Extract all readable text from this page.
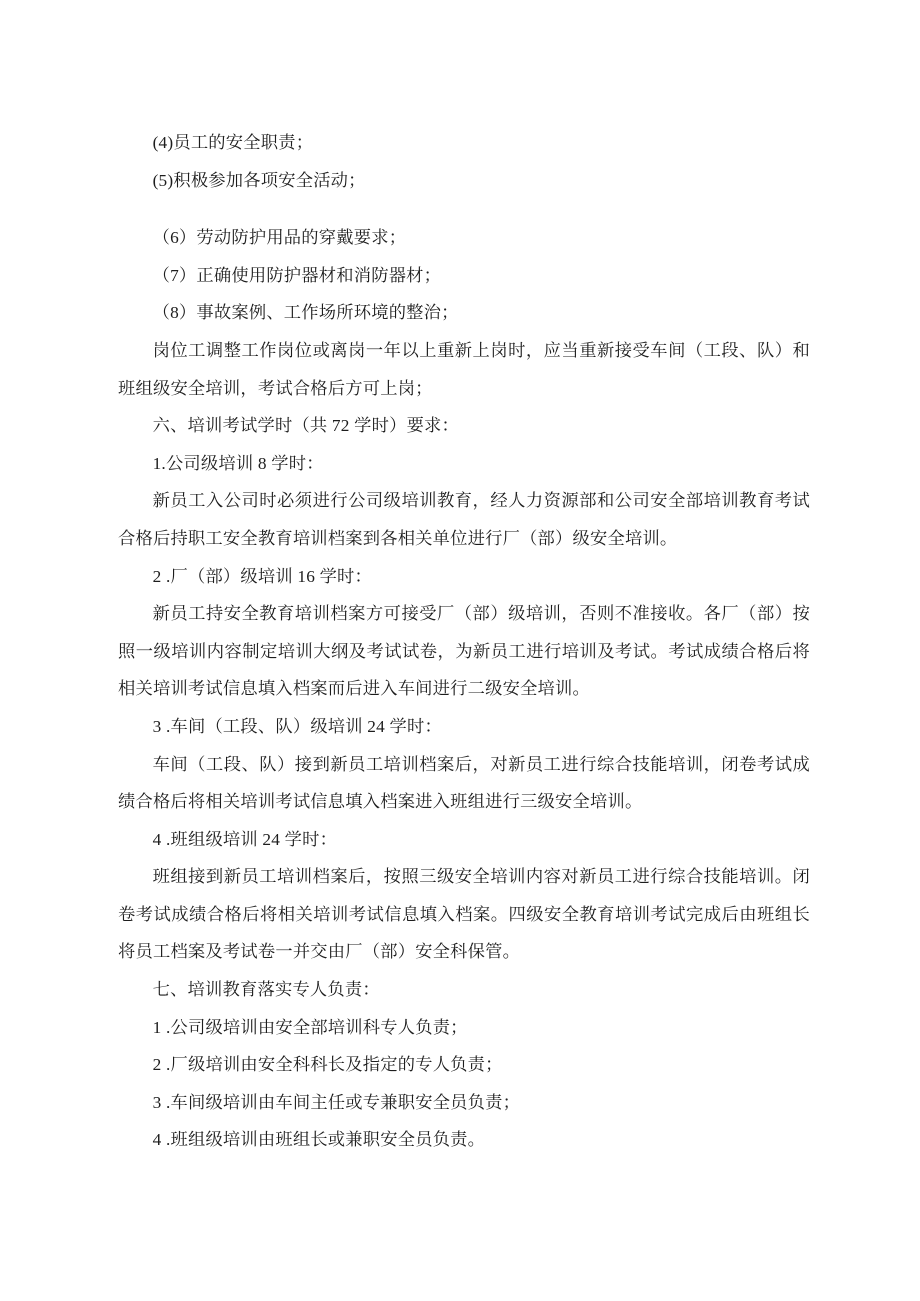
(4)员工的安全职责；

(5)积极参加各项安全活动；

（6）劳动防护用品的穿戴要求；

（7）正确使用防护器材和消防器材；

（8）事故案例、工作场所环境的整治；

岗位工调整工作岗位或离岗一年以上重新上岗时，应当重新接受车间（工段、队）和班组级安全培训，考试合格后方可上岗；

六、培训考试学时（共 72 学时）要求：

1.公司级培训 8 学时：

新员工入公司时必须进行公司级培训教育，经人力资源部和公司安全部培训教育考试合格后持职工安全教育培训档案到各相关单位进行厂（部）级安全培训。

2 .厂（部）级培训 16 学时：

新员工持安全教育培训档案方可接受厂（部）级培训，否则不准接收。各厂（部）按照一级培训内容制定培训大纲及考试试卷，为新员工进行培训及考试。考试成绩合格后将相关培训考试信息填入档案而后进入车间进行二级安全培训。

3 .车间（工段、队）级培训 24 学时：

车间（工段、队）接到新员工培训档案后，对新员工进行综合技能培训，闭卷考试成绩合格后将相关培训考试信息填入档案进入班组进行三级安全培训。

4 .班组级培训 24 学时：

班组接到新员工培训档案后，按照三级安全培训内容对新员工进行综合技能培训。闭卷考试成绩合格后将相关培训考试信息填入档案。四级安全教育培训考试完成后由班组长将员工档案及考试卷一并交由厂（部）安全科保管。

七、培训教育落实专人负责：

1 .公司级培训由安全部培训科专人负责；

2 .厂级培训由安全科科长及指定的专人负责；

3 .车间级培训由车间主任或专兼职安全员负责；

4 .班组级培训由班组长或兼职安全员负责。
